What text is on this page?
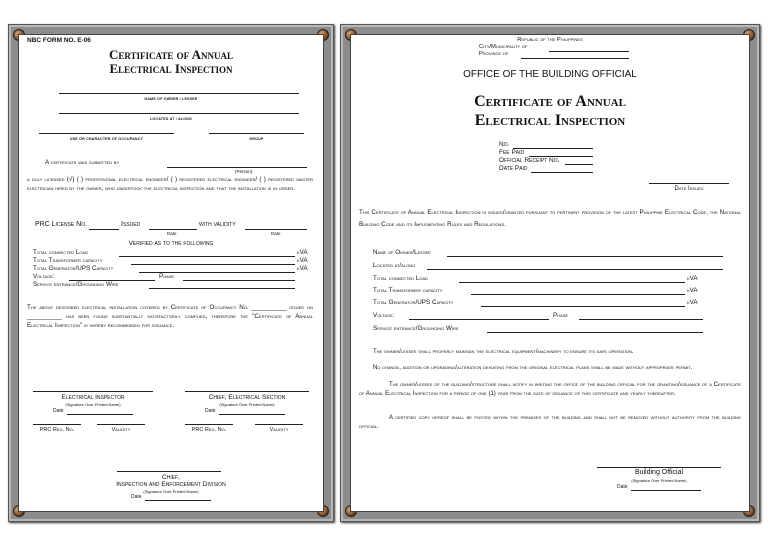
NBC FORM NO. E-06
Certificate of Annual
Electrical Inspection
NAME OF OWNER / LESSEE
LOCATED AT / ALONG
USE OR CHARACTER OF OCCUPANCY	GROUP
A certificate was submitted by
(Person)
a duly licensed (√) ( ) professional electrical engineer/ ( ) registered electrical engineer/ ( ) registered master electrician hired by the owner, who undertook the electrical inspection and that the installation is in order.
PRC License No.	Issued	with validity
Date	Date
Verified as to the following
Total connected Load	kVA
Total Transformer capacity	kVA
Total Generator/UPS Capacity	kVA
Voltage:	Phase
Service entrance/Grounding Wire
The above described electrical installation covered by Certificate of Occupancy No. __________ issued on __________ has been found substantially satisfactorily complied, therefore the "Certificate of Annual Electrical Inspection" is hereby recommended for issuance.
Electrical Inspector
(Signature Over Printed Name)
Date
Chief, Electrical Section
(Signature Over Printed Name)
Date
PRC Reg. No.	Validity	PRC Reg. No.	Validity
Chief,
Inspection and Enforcement Division
(Signature Over Printed Name)
Date
Republic of the Philippines
City/Municipality of
Province of
OFFICE OF THE BUILDING OFFICIAL
Certificate of Annual
Electrical Inspection
No.
Fee Paid
Official Receipt No.
Date Paid
Date Issued
This Certificate of Annual Electrical Inspection is issued/granted pursuant to pertinent provision of the latest Philippine Electrical Code, the National Building Code and its Implementing Rules and Regulations.
Name of Owner/Lessee
Located at/along
Total connected Load	kVA
Total Transformer capacity	kVA
Total Generator/UPS Capacity	kVA
Voltage:	Phase
Service entrance/Grounding Wire
The owner/lessee shall properly maintain the electrical equipment/machinery to ensure its safe operation.
No change, addition or upgrading/alteration deviating from the original electrical plans shall be made without appropriate permit.
The owner/lessee of the building/structure shall notify in writing the office of the building official for the granting/issuance of a Certificate of Annual Electrical Inspection for a period of one (1) year from the date of issuance of this certificate and yearly thereafter.
A certified copy hereof shall be posted within the premises of the building and shall not be removed without authority from the building official.
Building Official
(Signature Over Printed Name)
Date
